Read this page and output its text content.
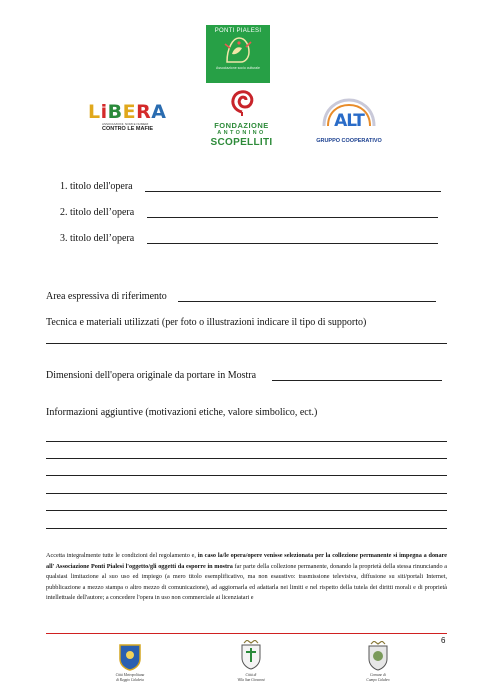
PONTI PIALESI
Associazione socio culturale
LiBERA
ASSOCIAZIONI, NOMI E NUMERI
CONTRO LE MAFIE	FONDAZIONE
ANTONINO
SCOPELLITI
ALT
GRUPPO COOPERATIVO
1. titolo dell'opera
2. titolo dell’opera
3. titolo dell’opera
Area espressiva di riferimento
Tecnica e materiali utilizzati (per foto o illustrazioni indicare il tipo di supporto)
Dimensioni dell'opera originale da portare in Mostra
Informazioni aggiuntive (motivazioni etiche, valore simbolico, ect.)
Accetta integralmente tutte le condizioni del regolamento e, in caso la/le opera/opere venisse selezionata per la collezione permanente si impegna a donare all' Associazione Ponti Pialesi l'oggetto/gli oggetti da esporre in mostra far parte della collezione permanente, donando la proprietà della stessa rinunciando a qualsiasi limitazione al suo uso ed impiego (a mero titolo esemplificativo, ma non esaustivo: trasmissione televisiva, diffusione su siti/portali Internet, pubblicazione a mezzo stampa o altro mezzo di comunicazione), ad aggiornarla ed adattarla nei limiti e nel rispetto della tutela dei diritti morali e di proprietà intellettuale dell'autore; a concedere l'opera in uso non commerciale ai licenziatari e
6
Città Metropolitana
di Reggio Calabria
Città di
Villa San Giovanni
Comune di
Campo Calabro
